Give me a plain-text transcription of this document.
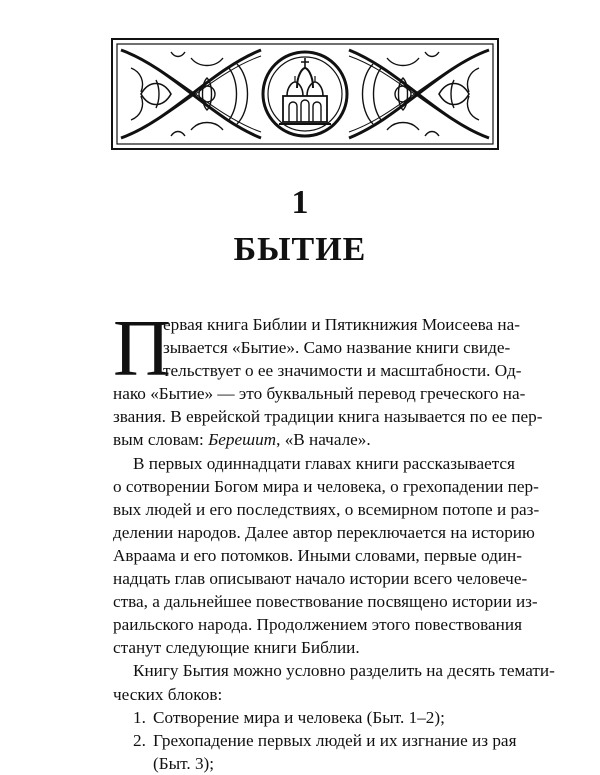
1
БЫТИЕ
П
ервая книга Библии и Пятикнижия Моисеева на-
зывается «Бытие». Само название книги свиде-
тельствует о ее значимости и масштабности. Од-
нако «Бытие» — это буквальный перевод греческого на-
звания. В еврейской традиции книга называется по ее пер-
вым словам: Берешит, «В начале».
В первых одиннадцати главах книги рассказывается
о сотворении Богом мира и человека, о грехопадении пер-
вых людей и его последствиях, о всемирном потопе и раз-
делении народов. Далее автор переключается на историю
Авраама и его потомков. Иными словами, первые один-
надцать глав описывают начало истории всего человече-
ства, а дальнейшее повествование посвящено истории из-
раильского народа. Продолжением этого повествования
станут следующие книги Библии.
Книгу Бытия можно условно разделить на десять темати-
ческих блоков:
1. Сотворение мира и человека (Быт. 1–2);
2. Грехопадение первых людей и их изгнание из рая
(Быт. 3);
